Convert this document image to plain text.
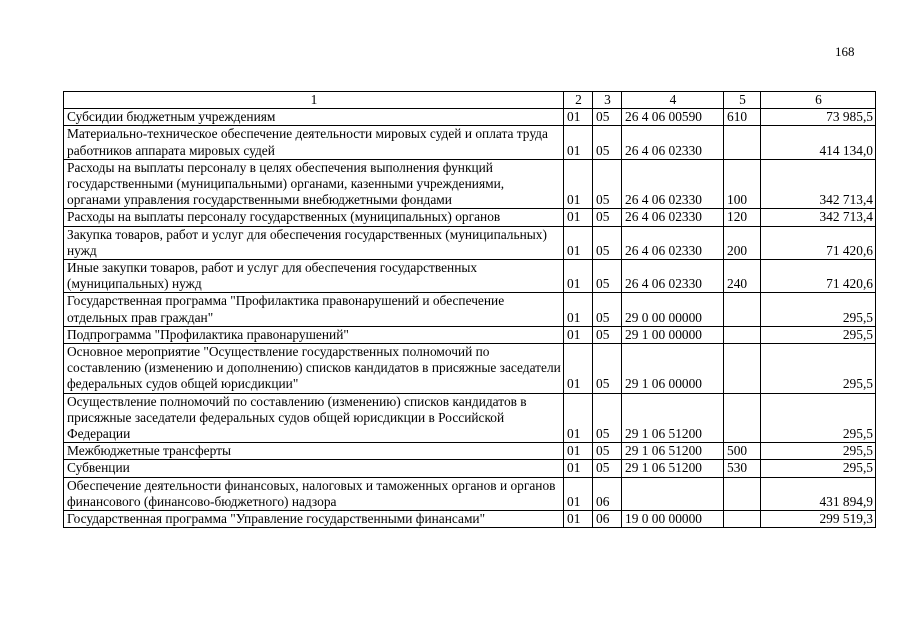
168
1	2	3	4	5	6
Субсидии бюджетным учреждениям	01	05	26 4 06 00590	610	73 985,5
Материально-техническое обеспечение деятельности мировых судей и оплата труда работников аппарата мировых судей	01	05	26 4 06 02330		414 134,0
Расходы на выплаты персоналу в целях обеспечения выполнения функций государственными (муниципальными) органами, казенными учреждениями, органами управления государственными внебюджетными фондами	01	05	26 4 06 02330	100	342 713,4
Расходы на выплаты персоналу государственных (муниципальных) органов	01	05	26 4 06 02330	120	342 713,4
Закупка товаров, работ и услуг для обеспечения государственных (муниципальных) нужд	01	05	26 4 06 02330	200	71 420,6
Иные закупки товаров, работ и услуг для обеспечения государственных (муниципальных) нужд	01	05	26 4 06 02330	240	71 420,6
Государственная программа "Профилактика правонарушений и обеспечение отдельных прав граждан"	01	05	29 0 00 00000		295,5
Подпрограмма "Профилактика правонарушений"	01	05	29 1 00 00000		295,5
Основное мероприятие "Осуществление государственных полномочий по составлению (изменению и дополнению) списков кандидатов в присяжные заседатели федеральных судов общей юрисдикции"	01	05	29 1 06 00000		295,5
Осуществление полномочий по составлению (изменению) списков кандидатов в присяжные заседатели федеральных судов общей юрисдикции в Российской Федерации	01	05	29 1 06 51200		295,5
Межбюджетные трансферты	01	05	29 1 06 51200	500	295,5
Субвенции	01	05	29 1 06 51200	530	295,5
Обеспечение деятельности финансовых, налоговых и таможенных органов и органов финансового (финансово-бюджетного) надзора	01	06			431 894,9
Государственная программа "Управление государственными финансами"	01	06	19 0 00 00000		299 519,3
